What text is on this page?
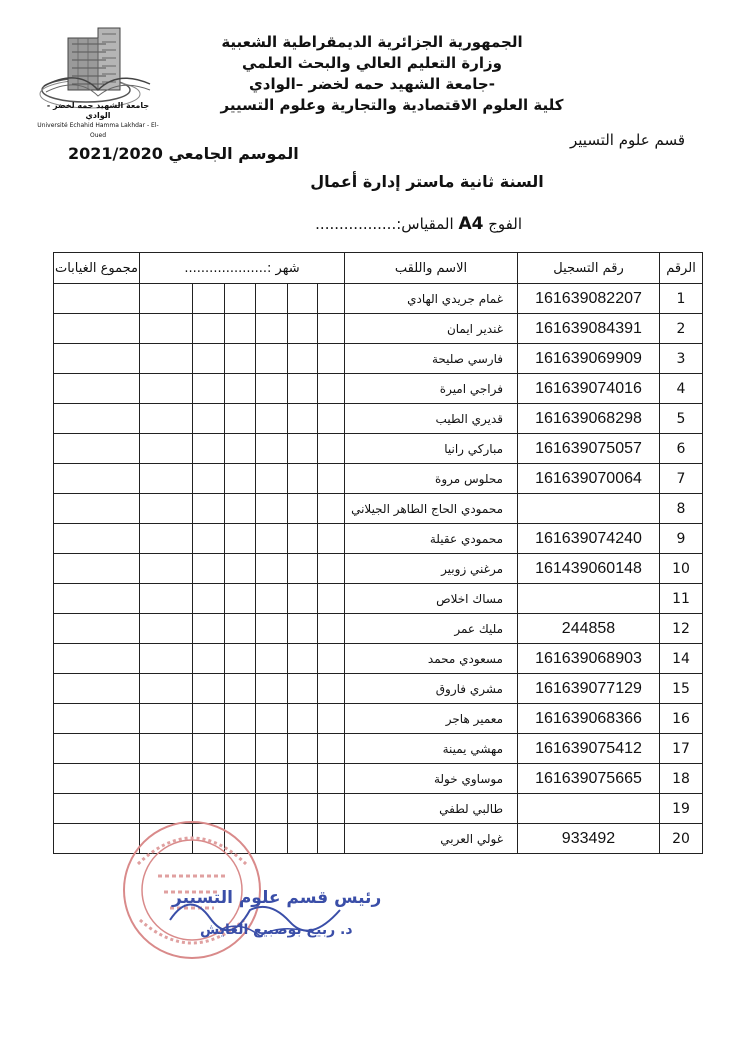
الجمهورية الجزائرية الديمقراطية الشعبية
وزارة التعليم العالي والبحث العلمي
جامعة الشهيد حمه لخضر –الوادي-
كلية العلوم الاقتصادية والتجارية وعلوم التسيير
جامعة الشهيد حمه لخضر - الوادي
Université Echahid Hamma Lakhdar - El-Oued	قسم علوم التسيير
الموسم الجامعي 2021/2020
السنة ثانية ماستر إدارة أعمال
الفوج A4 المقياس:.................
مجموع الغيابات	شهر :....................						الاسم واللقب	رقم التسجيل	الرقم
							غمام جريدي الهادي	161639082207	1
							غندير ايمان	161639084391	2
							فارسي صليحة	161639069909	3
							فراجي اميرة	161639074016	4
							قديري الطيب	161639068298	5
							مباركي رانيا	161639075057	6
							محلوس مروة	161639070064	7
							محمودي الحاج الطاهر الجيلاني		8
							محمودي عقيلة	161639074240	9
							مرغني زوبير	161439060148	10
							مساك اخلاص		11
							مليك عمر	244858	12
							مسعودي محمد	161639068903	14
							مشري فاروق	161639077129	15
							معمير هاجر	161639068366	16
							مهشي يمينة	161639075412	17
							موساوي خولة	161639075665	18
							طالبي لطفي		19
							غولي العربي	933492	20
رئيس قسم علوم التسيير
د. ربيع بوصبيع العايش
